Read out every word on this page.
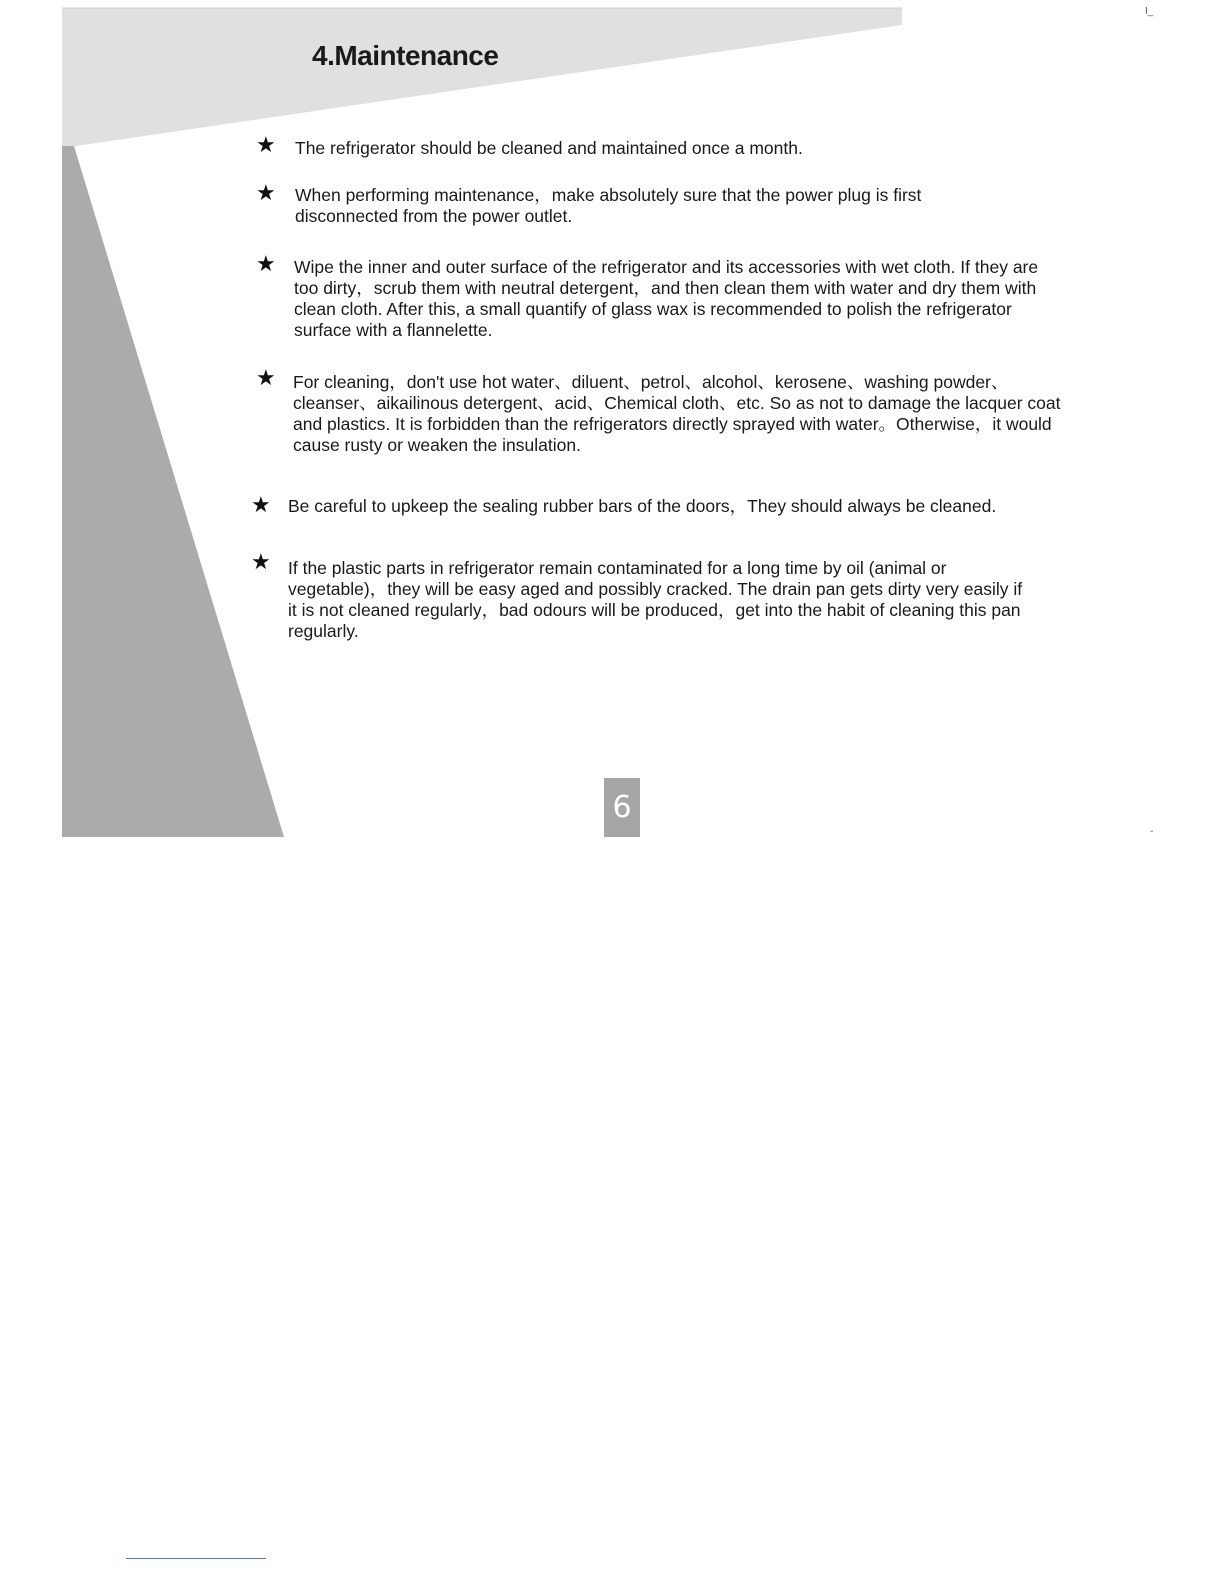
4.Maintenance
I_
-
★ The refrigerator should be cleaned and maintained once a month.
★ When performing maintenance，make absolutely sure that the power plug is first disconnected from the power outlet.
★ Wipe the inner and outer surface of the refrigerator and its accessories with wet cloth. If they are too dirty，scrub them with neutral detergent，and then clean them with water and dry them with clean cloth. After this, a small quantify of glass wax is recommended to polish the refrigerator surface with a flannelette.
★ For cleaning，don't use hot water、diluent、petrol、alcohol、kerosene、washing powder、cleanser、aikailinous detergent、acid、Chemical cloth、etc. So as not to damage the lacquer coat and plastics. It is forbidden than the refrigerators directly sprayed with water。Otherwise，it would cause rusty or weaken the insulation.
★ Be careful to upkeep the sealing rubber bars of the doors，They should always be cleaned.
★ If the plastic parts in refrigerator remain contaminated for a long time by oil (animal or vegetable)，they will be easy aged and possibly cracked. The drain pan gets dirty very easily if it is not cleaned regularly，bad odours will be produced，get into the habit of cleaning this pan regularly.
6
